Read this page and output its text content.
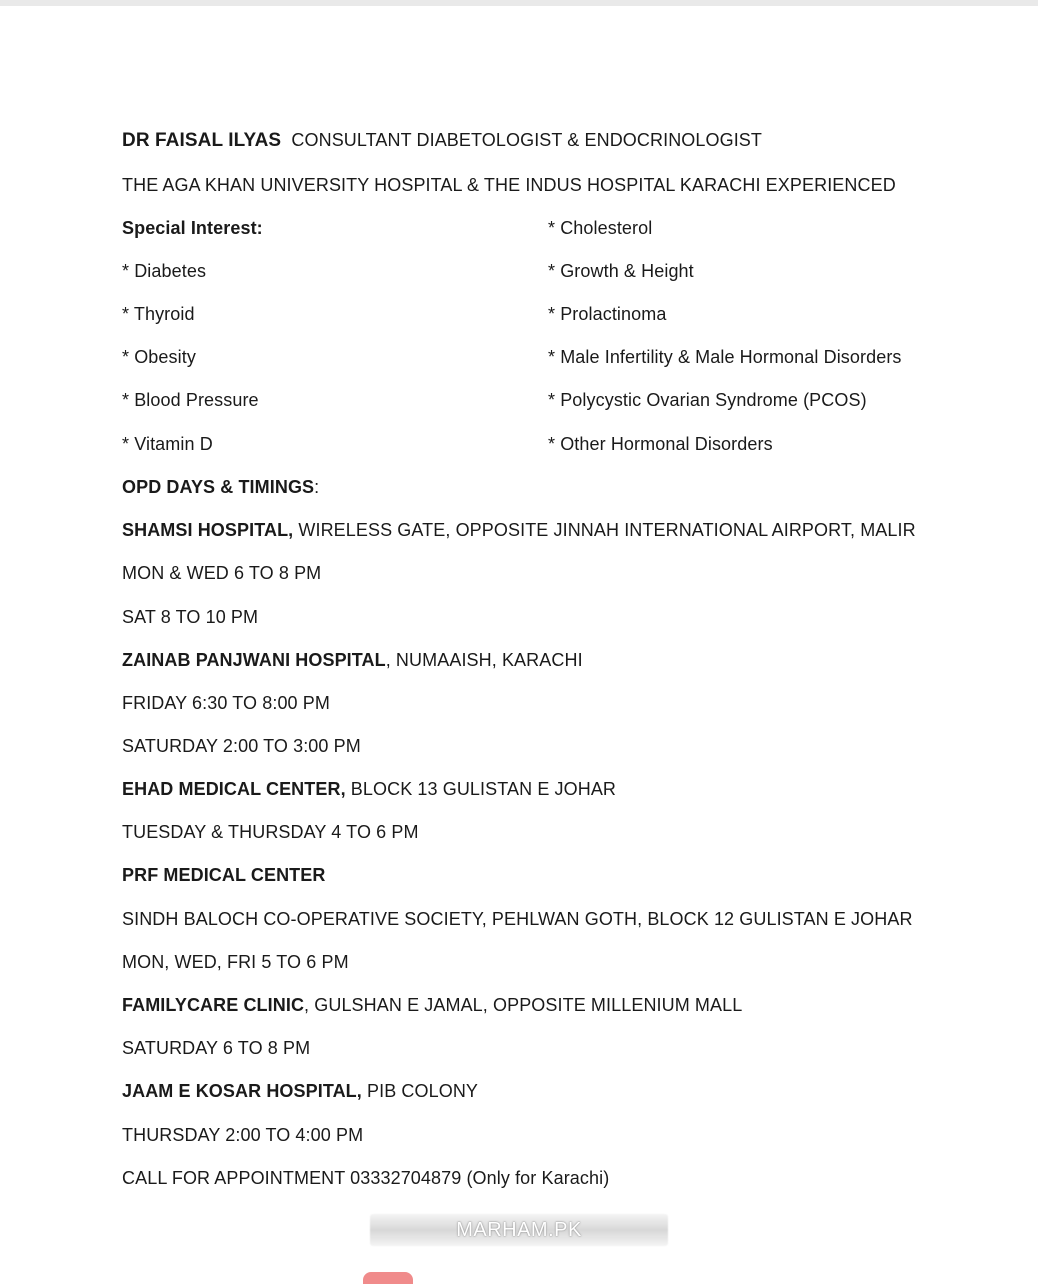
DR FAISAL ILYAS CONSULTANT DIABETOLOGIST & ENDOCRINOLOGIST
THE AGA KHAN UNIVERSITY HOSPITAL & THE INDUS HOSPITAL KARACHI EXPERIENCED
Special Interest:
* Diabetes
* Thyroid
* Obesity
* Blood Pressure
* Vitamin D
* Cholesterol
* Growth & Height
* Prolactinoma
* Male Infertility & Male Hormonal Disorders
* Polycystic Ovarian Syndrome (PCOS)
* Other Hormonal Disorders
OPD DAYS & TIMINGS:
SHAMSI HOSPITAL, WIRELESS GATE, OPPOSITE JINNAH INTERNATIONAL AIRPORT, MALIR
MON & WED 6 TO 8 PM
SAT 8 TO 10 PM
ZAINAB PANJWANI HOSPITAL, NUMAAISH, KARACHI
FRIDAY 6:30 TO 8:00 PM
SATURDAY 2:00 TO 3:00 PM
EHAD MEDICAL CENTER, BLOCK 13 GULISTAN E JOHAR
TUESDAY & THURSDAY 4 TO 6 PM
PRF MEDICAL CENTER
SINDH BALOCH CO-OPERATIVE SOCIETY, PEHLWAN GOTH, BLOCK 12 GULISTAN E JOHAR
MON, WED, FRI 5 TO 6 PM
FAMILYCARE CLINIC, GULSHAN E JAMAL, OPPOSITE MILLENIUM MALL
SATURDAY 6 TO 8 PM
JAAM E KOSAR HOSPITAL, PIB COLONY
THURSDAY 2:00 TO 4:00 PM
CALL FOR APPOINTMENT 03332704879 (Only for Karachi)
MARHAM.PK
